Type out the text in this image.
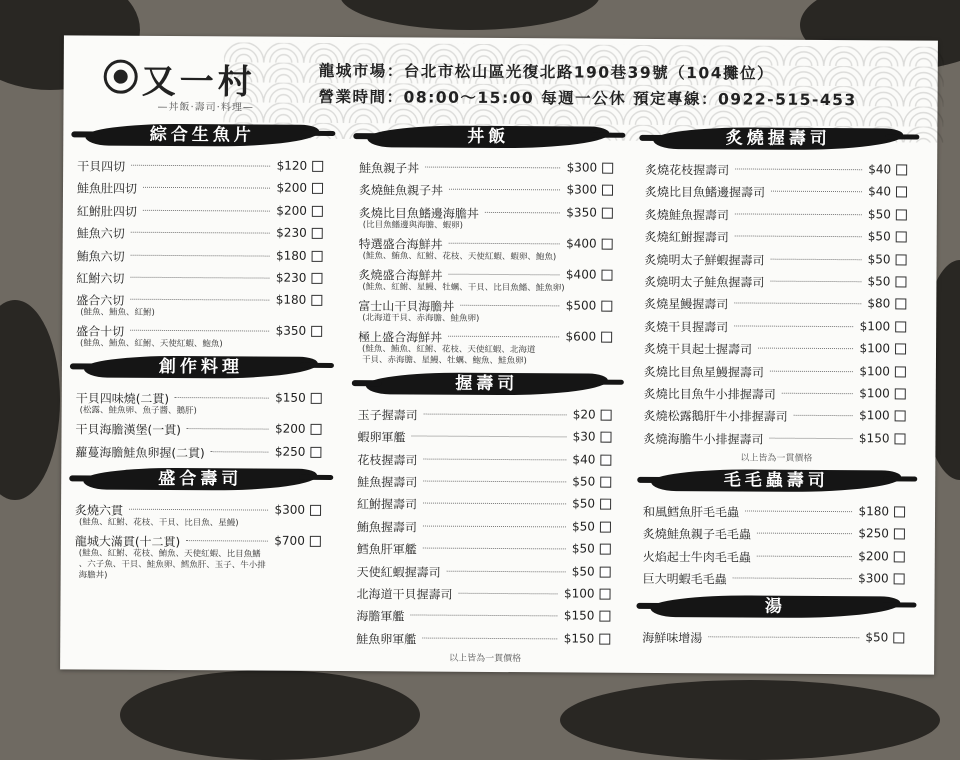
又一村
—丼飯‧壽司‧料理—
龍城市場：台北市松山區光復北路190巷39號（104攤位）
營業時間：08:00～15:00 每週一公休 預定專線：0922-515-453
綜合生魚片
干貝四切	$120
鮭魚肚四切	$200
紅鮒肚四切	$200
鮭魚六切	$230
鮪魚六切	$180
紅鮒六切	$230
盛合六切	$180
(鮭魚、鮪魚、紅鮒)
盛合十切	$350
(鮭魚、鮪魚、紅鮒、天使紅蝦、鮑魚)
創作料理
干貝四味燒(二貫)	$150
(松露、鮭魚卵、魚子醬、鵝肝)
干貝海膽漢堡(一貫)	$200
蘿蔓海膽鮭魚卵握(二貫)	$250
盛合壽司
炙燒六貫	$300
(鮭魚、紅鮒、花枝、干貝、比目魚、星鰻)
龍城大滿貫(十二貫)	$700
(鮭魚、紅鮒、花枝、鮪魚、天使紅蝦、比目魚鰭
、六子魚、干貝、鮭魚卵、鱈魚肝、玉子、牛小排
海膽丼)
丼飯
鮭魚親子丼	$300
炙燒鮭魚親子丼	$300
炙燒比目魚鰭邊海膽丼	$350
(比目魚鰭邊與海膽、蝦卵)
特選盛合海鮮丼	$400
(鮭魚、鮪魚、紅鮒、花枝、天使紅蝦、蝦卵、鮑魚)
炙燒盛合海鮮丼	$400
(鮭魚、紅鮒、星鰻、牡蠣、干貝、比目魚鰭、鮭魚卵)
富士山干貝海膽丼	$500
(北海道干貝、赤海膽、鮭魚卵)
極上盛合海鮮丼	$600
(鮭魚、鮪魚、紅鮒、花枝、天使紅蝦、北海道
干貝、赤海膽、星鰻、牡蠣、鮑魚、鮭魚卵)
握壽司
玉子握壽司	$20
蝦卵軍艦	$30
花枝握壽司	$40
鮭魚握壽司	$50
紅鮒握壽司	$50
鮪魚握壽司	$50
鱈魚肝軍艦	$50
天使紅蝦握壽司	$50
北海道干貝握壽司	$100
海膽軍艦	$150
鮭魚卵軍艦	$150
以上皆為一貫價格
炙燒握壽司
炙燒花枝握壽司	$40
炙燒比目魚鰭邊握壽司	$40
炙燒鮭魚握壽司	$50
炙燒紅鮒握壽司	$50
炙燒明太子鮮蝦握壽司	$50
炙燒明太子鮭魚握壽司	$50
炙燒星鰻握壽司	$80
炙燒干貝握壽司	$100
炙燒干貝起士握壽司	$100
炙燒比目魚星鰻握壽司	$100
炙燒比目魚牛小排握壽司	$100
炙燒松露鵝肝牛小排握壽司	$100
炙燒海膽牛小排握壽司	$150
以上皆為一貫價格
毛毛蟲壽司
和風鱈魚肝毛毛蟲	$180
炙燒鮭魚親子毛毛蟲	$250
火焰起士牛肉毛毛蟲	$200
巨大明蝦毛毛蟲	$300
湯
海鮮味增湯	$50
